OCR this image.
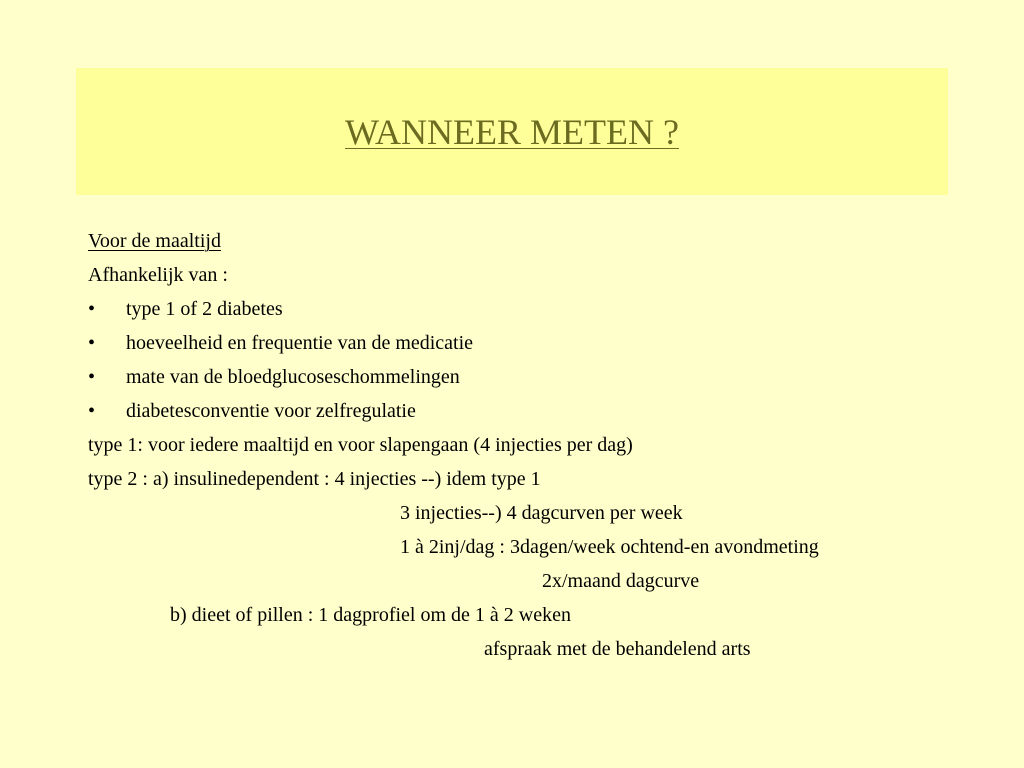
WANNEER METEN ?
Voor de maaltijd
Afhankelijk van :
• type 1 of 2 diabetes
• hoeveelheid en frequentie van de medicatie
• mate van de bloedglucoseschommelingen
• diabetesconventie voor zelfregulatie
type 1: voor iedere maaltijd en voor slapengaan (4 injecties per dag)
type 2 : a) insulinedependent : 4 injecties --) idem type 1
3 injecties--) 4 dagcurven per week
1 à 2inj/dag : 3dagen/week ochtend-en avondmeting
2x/maand dagcurve
b) dieet of pillen : 1 dagprofiel om de 1 à 2 weken
afspraak met de behandelend arts
